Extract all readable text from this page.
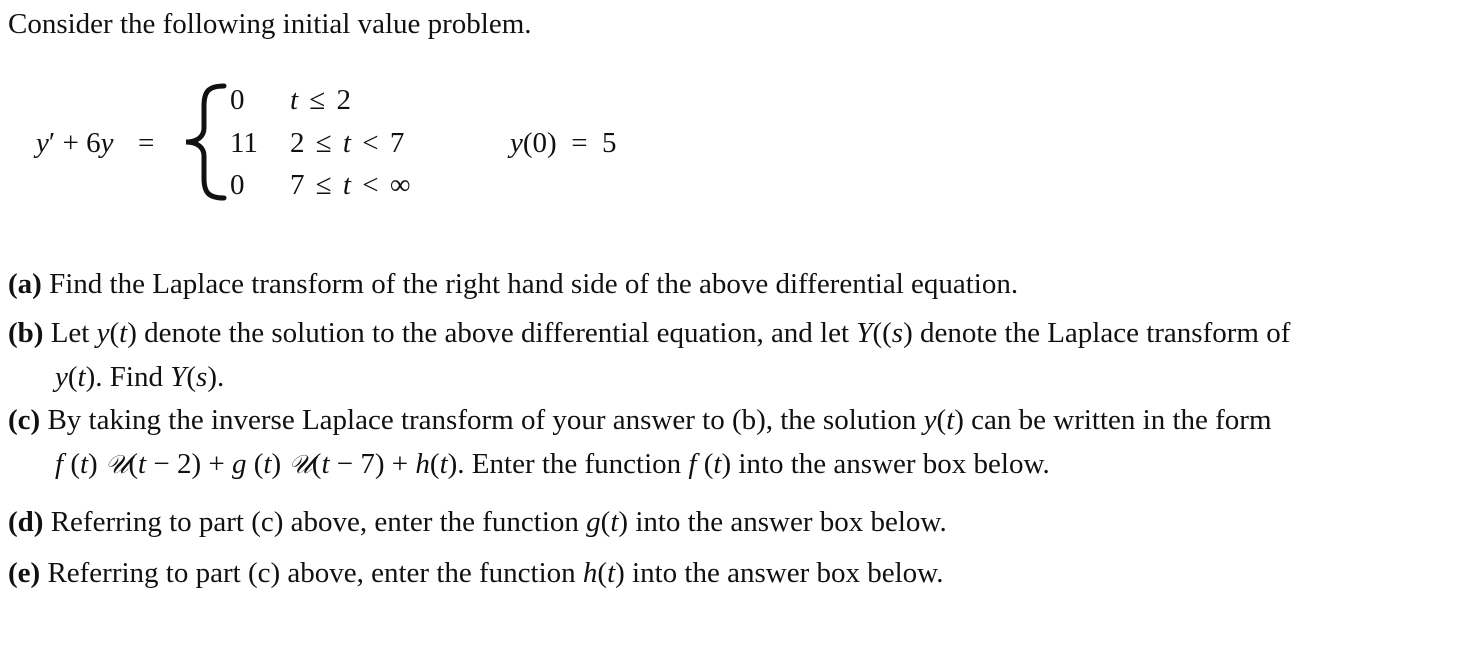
Consider the following initial value problem.
y′ + 6y =
0 t ≤ 2
11 2 ≤ t < 7
0 7 ≤ t < ∞
y(0)  =  5
(a) Find the Laplace transform of the right hand side of the above differential equation.
(b) Let y(t) denote the solution to the above differential equation, and let Y((s) denote the Laplace transform of
y(t). Find Y(s).
(c) By taking the inverse Laplace transform of your answer to (b), the solution y(t) can be written in the form
f (t) 𝒰(t − 2) + g (t) 𝒰(t − 7) + h(t). Enter the function f (t) into the answer box below.
(d) Referring to part (c) above, enter the function g(t) into the answer box below.
(e) Referring to part (c) above, enter the function h(t) into the answer box below.
